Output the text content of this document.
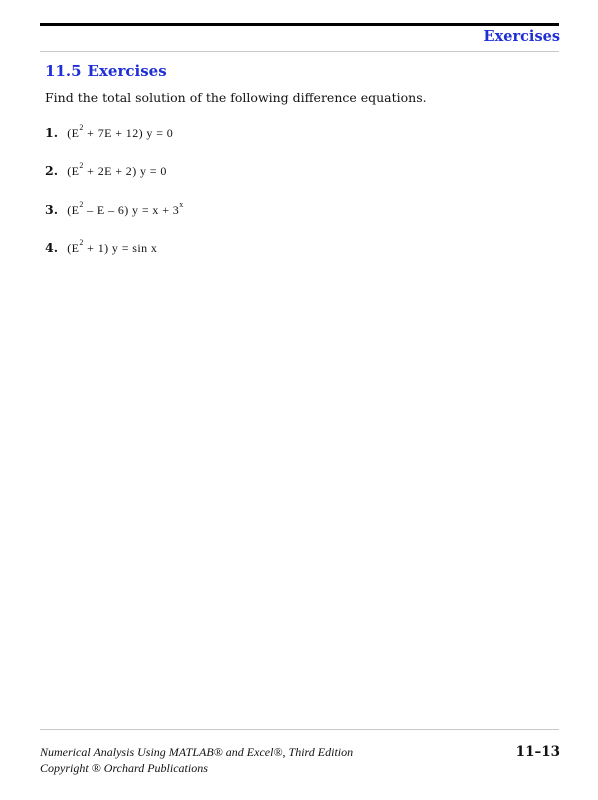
Exercises
11.5 Exercises
Find the total solution of the following difference equations.
1. $(E^2 + 7E + 12) y = 0$
2. $(E^2 + 2E + 2) y = 0$
3. $(E^2 - E - 6) y = x + 3^x$
4. $(E^2 + 1) y = \sin x$
Numerical Analysis Using MATLAB® and Excel®, Third Edition
Copyright ® Orchard Publications
11–13
